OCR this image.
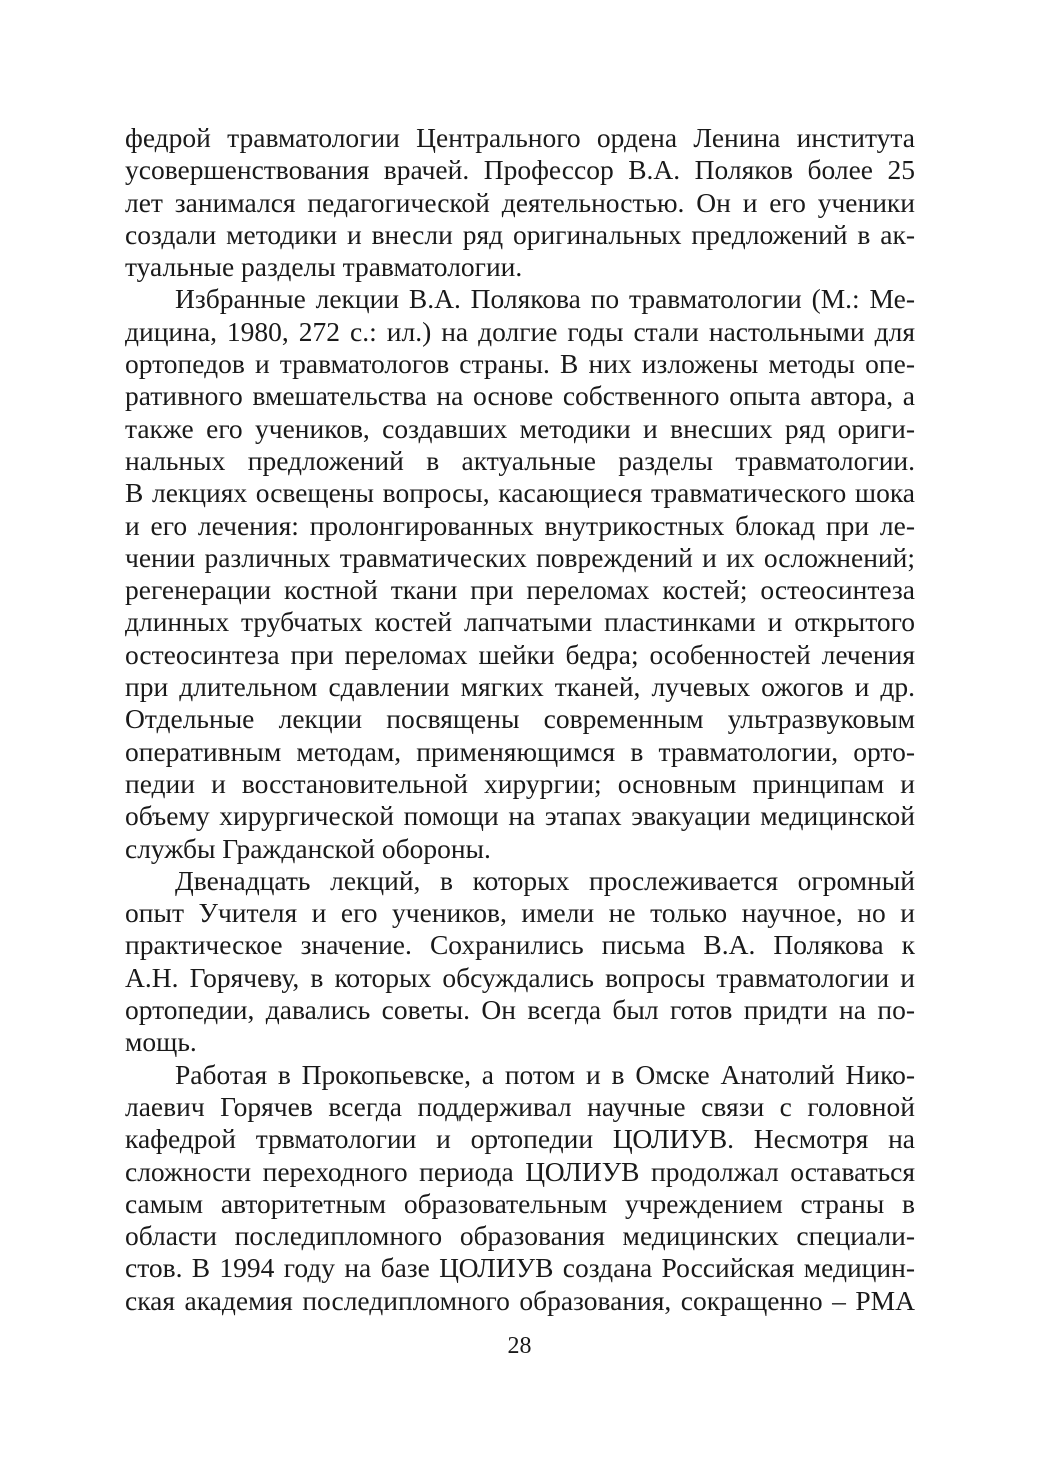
федрой травматологии Центрального ордена Ленина института
усовершенствования врачей. Профессор В.А. Поляков более 25
лет занимался педагогической деятельностью. Он и его ученики
создали методики и внесли ряд оригинальных предложений в ак-
туальные разделы травматологии.
Избранные лекции В.А. Полякова по травматологии (М.: Ме-
дицина, 1980, 272 с.: ил.) на долгие годы стали настольными для
ортопедов и травматологов страны. В них изложены методы опе-
ративного вмешательства на основе собственного опыта автора, а
также его учеников, создавших методики и внесших ряд ориги-
нальных предложений в актуальные разделы травматологии.
В лекциях освещены вопросы, касающиеся травматического шока
и его лечения: пролонгированных внутрикостных блокад при ле-
чении различных травматических повреждений и их осложнений;
регенерации костной ткани при переломах костей; остеосинтеза
длинных трубчатых костей лапчатыми пластинками и открытого
остеосинтеза при переломах шейки бедра; особенностей лечения
при длительном сдавлении мягких тканей, лучевых ожогов и др.
Отдельные лекции посвящены современным ультразвуковым
оперативным методам, применяющимся в травматологии, орто-
педии и восстановительной хирургии; основным принципам и
объему хирургической помощи на этапах эвакуации медицинской
службы Гражданской обороны.
Двенадцать лекций, в которых прослеживается огромный
опыт Учителя и его учеников, имели не только научное, но и
практическое значение. Сохранились письма В.А. Полякова к
А.Н. Горячеву, в которых обсуждались вопросы травматологии и
ортопедии, давались советы. Он всегда был готов придти на по-
мощь.
Работая в Прокопьевске, а потом и в Омске Анатолий Нико-
лаевич Горячев всегда поддерживал научные связи с головной
кафедрой трвматологии и ортопедии ЦОЛИУВ. Несмотря на
сложности переходного периода ЦОЛИУВ продолжал оставаться
самым авторитетным образовательным учреждением страны в
области последипломного образования медицинских специали-
стов. В 1994 году на базе ЦОЛИУВ создана Российская медицин-
ская академия последипломного образования, сокращенно – РМА
28
